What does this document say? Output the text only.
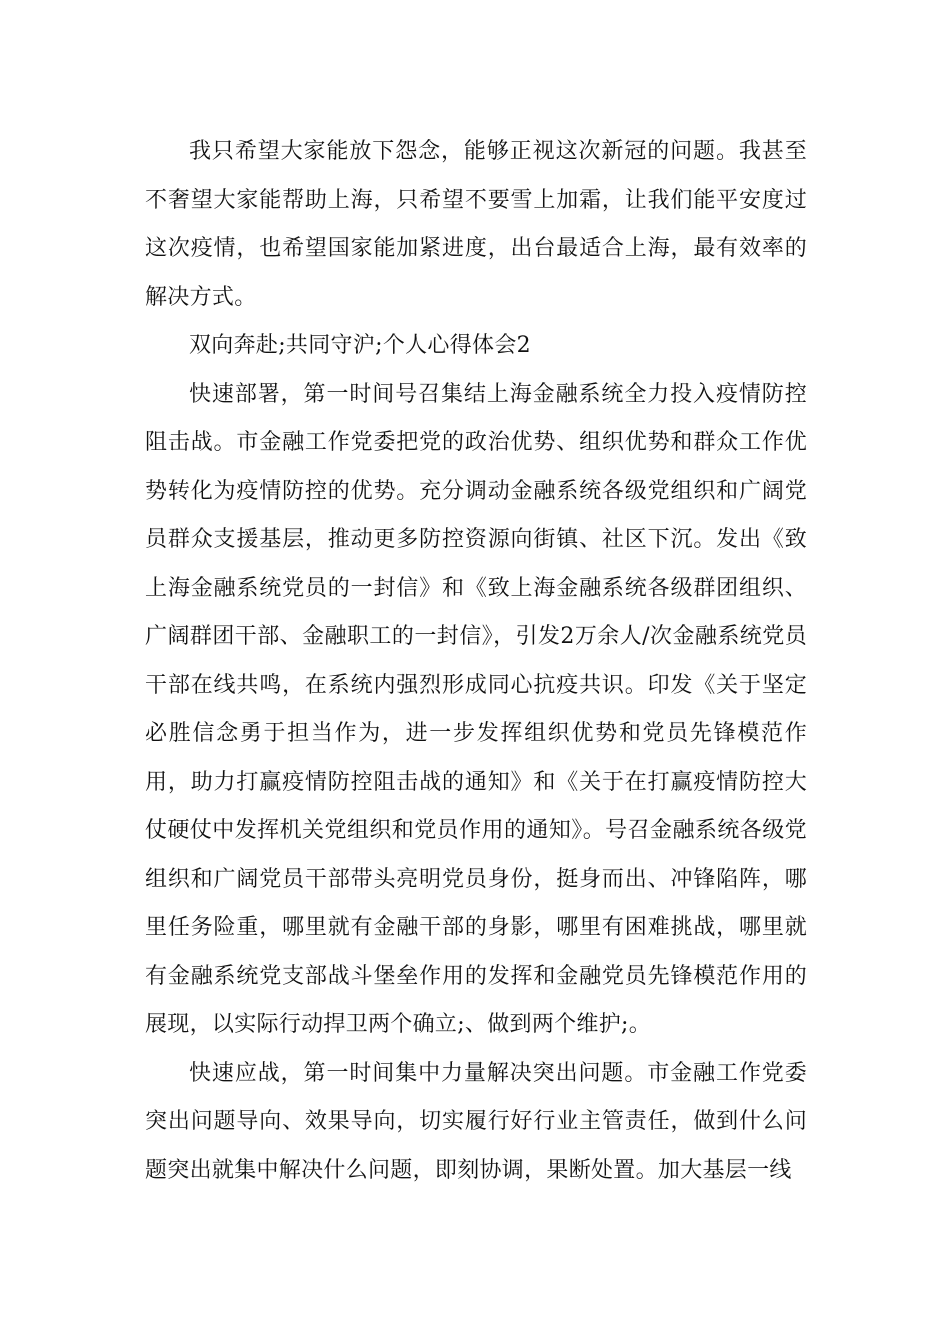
我只希望大家能放下怨念，能够正视这次新冠的问题。我甚至不奢望大家能帮助上海，只希望不要雪上加霜，让我们能平安度过这次疫情，也希望国家能加紧进度，出台最适合上海，最有效率的解决方式。

双向奔赴;共同守沪;个人心得体会2

快速部署，第一时间号召集结上海金融系统全力投入疫情防控阻击战。市金融工作党委把党的政治优势、组织优势和群众工作优势转化为疫情防控的优势。充分调动金融系统各级党组织和广阔党员群众支援基层，推动更多防控资源向街镇、社区下沉。发出《致上海金融系统党员的一封信》和《致上海金融系统各级群团组织、广阔群团干部、金融职工的一封信》，引发2万余人/次金融系统党员干部在线共鸣，在系统内强烈形成同心抗疫共识。印发《关于坚定必胜信念勇于担当作为，进一步发挥组织优势和党员先锋模范作用，助力打赢疫情防控阻击战的通知》和《关于在打赢疫情防控大仗硬仗中发挥机关党组织和党员作用的通知》。号召金融系统各级党组织和广阔党员干部带头亮明党员身份，挺身而出、冲锋陷阵，哪里任务险重，哪里就有金融干部的身影，哪里有困难挑战，哪里就有金融系统党支部战斗堡垒作用的发挥和金融党员先锋模范作用的展现，以实际行动捍卫两个确立;、做到两个维护;。

快速应战，第一时间集中力量解决突出问题。市金融工作党委突出问题导向、效果导向，切实履行好行业主管责任，做到什么问题突出就集中解决什么问题，即刻协调，果断处置。加大基层一线
